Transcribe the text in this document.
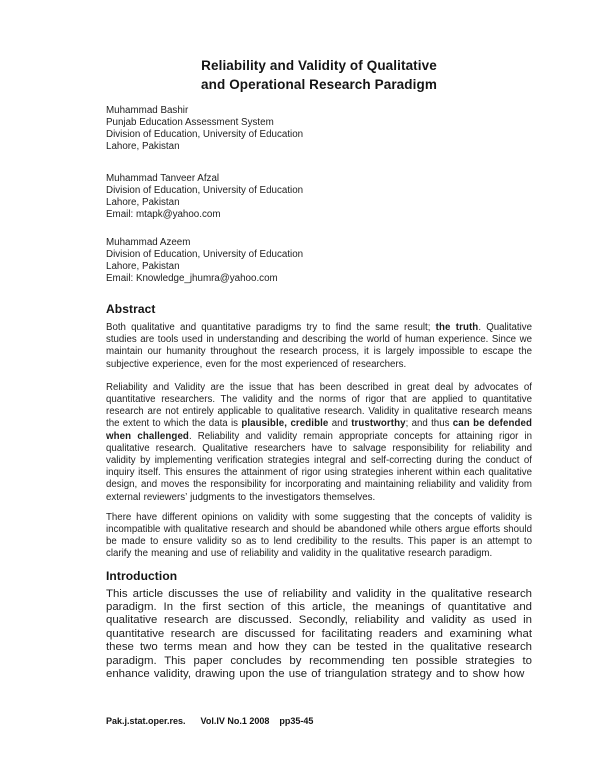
Reliability and Validity of Qualitative
and Operational Research Paradigm
Muhammad Bashir
Punjab Education Assessment System
Division of Education, University of Education
Lahore, Pakistan
Muhammad Tanveer Afzal
Division of Education, University of Education
Lahore, Pakistan
Email: mtapk@yahoo.com
Muhammad Azeem
Division of Education, University of Education
Lahore, Pakistan
Email: Knowledge_jhumra@yahoo.com
Abstract

Both qualitative and quantitative paradigms try to find the same result; the truth. Qualitative studies are tools used in understanding and describing the world of human experience. Since we maintain our humanity throughout the research process, it is largely impossible to escape the subjective experience, even for the most experienced of researchers.

Reliability and Validity are the issue that has been described in great deal by advocates of quantitative researchers. The validity and the norms of rigor that are applied to quantitative research are not entirely applicable to qualitative research. Validity in qualitative research means the extent to which the data is plausible, credible and trustworthy; and thus can be defended when challenged. Reliability and validity remain appropriate concepts for attaining rigor in qualitative research. Qualitative researchers have to salvage responsibility for reliability and validity by implementing verification strategies integral and self-correcting during the conduct of inquiry itself. This ensures the attainment of rigor using strategies inherent within each qualitative design, and moves the responsibility for incorporating and maintaining reliability and validity from external reviewers’ judgments to the investigators themselves.

There have different opinions on validity with some suggesting that the concepts of validity is incompatible with qualitative research and should be abandoned while others argue efforts should be made to ensure validity so as to lend credibility to the results. This paper is an attempt to clarify the meaning and use of reliability and validity in the qualitative research paradigm.

Introduction

This article discusses the use of reliability and validity in the qualitative research paradigm. In the first section of this article, the meanings of quantitative and qualitative research are discussed. Secondly, reliability and validity as used in quantitative research are discussed for facilitating readers and examining what these two terms mean and how they can be tested in the qualitative research paradigm. This paper concludes by recommending ten possible strategies to enhance validity, drawing upon the use of triangulation strategy and to show how

Pak.j.stat.oper.res. Vol.IV No.1 2008 pp35-45
